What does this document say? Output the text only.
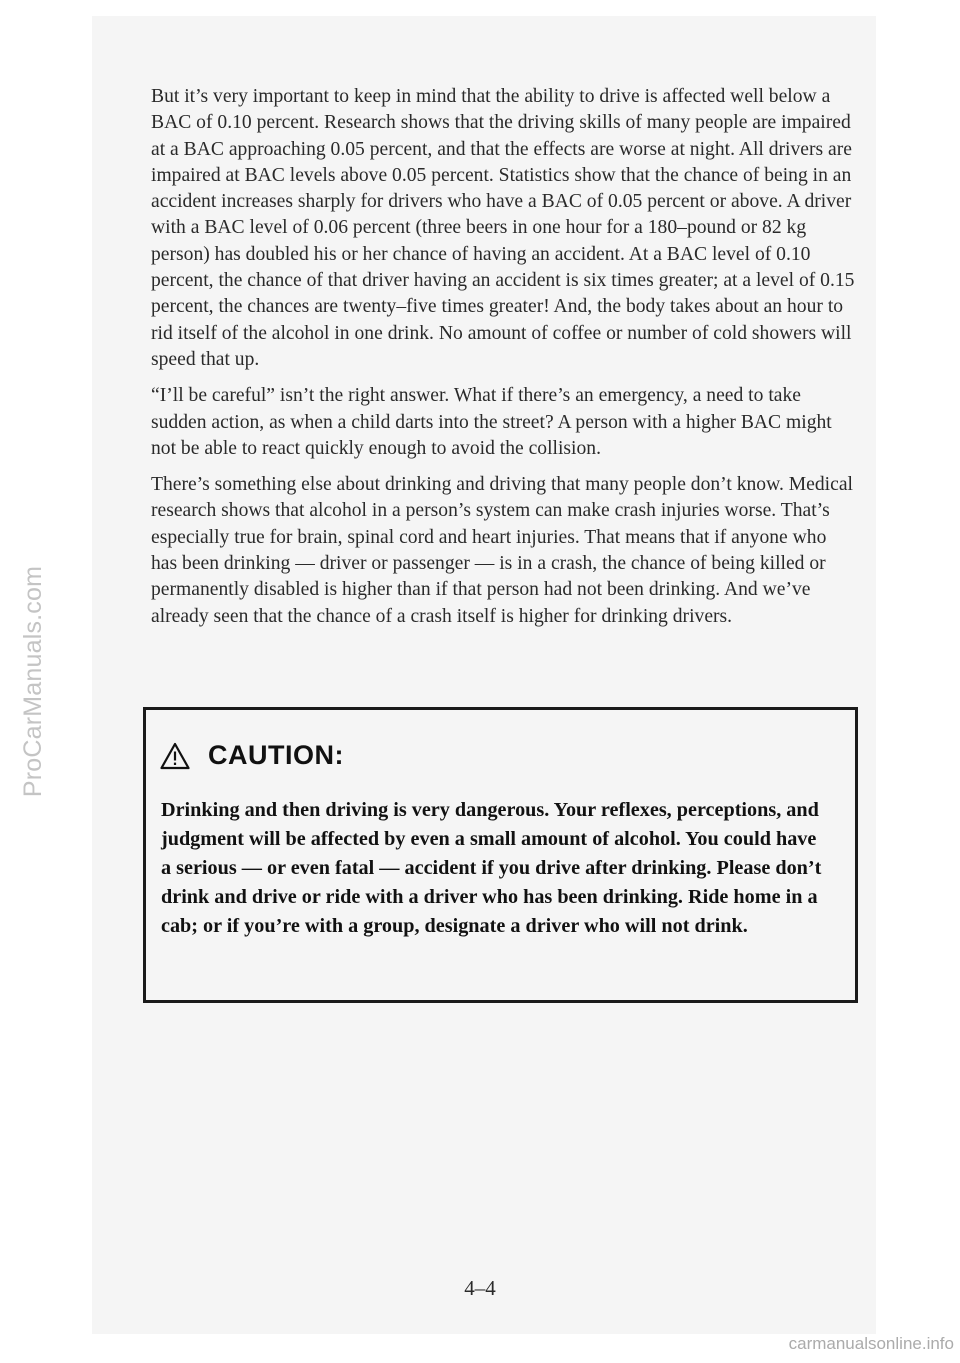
ProCarManuals.com

But it’s very important to keep in mind that the ability to drive is affected well below a BAC of 0.10 percent. Research shows that the driving skills of many people are impaired at a BAC approaching 0.05 percent, and that the effects are worse at night. All drivers are impaired at BAC levels above 0.05 percent. Statistics show that the chance of being in an accident increases sharply for drivers who have a BAC of 0.05 percent or above. A driver with a BAC level of 0.06 percent (three beers in one hour for a 180–pound or 82 kg person) has doubled his or her chance of having an accident. At a BAC level of 0.10 percent, the chance of that driver having an accident is six times greater; at a level of 0.15 percent, the chances are twenty–five times greater! And, the body takes about an hour to rid itself of the alcohol in one drink. No amount of coffee or number of cold showers will speed that up.

“I’ll be careful” isn’t the right answer. What if there’s an emergency, a need to take sudden action, as when a child darts into the street? A person with a higher BAC might not be able to react quickly enough to avoid the collision.

There’s something else about drinking and driving that many people don’t know. Medical research shows that alcohol in a person’s system can make crash injuries worse. That’s especially true for brain, spinal cord and heart injuries. That means that if anyone who has been drinking — driver or passenger — is in a crash, the chance of being killed or permanently disabled is higher than if that person had not been drinking. And we’ve already seen that the chance of a crash itself is higher for drinking drivers.

CAUTION:

Drinking and then driving is very dangerous. Your reflexes, perceptions, and judgment will be affected by even a small amount of alcohol. You could have a serious — or even fatal — accident if you drive after drinking. Please don’t drink and drive or ride with a driver who has been drinking. Ride home in a cab; or if you’re with a group, designate a driver who will not drink.

4–4
carmanualsonline.info
